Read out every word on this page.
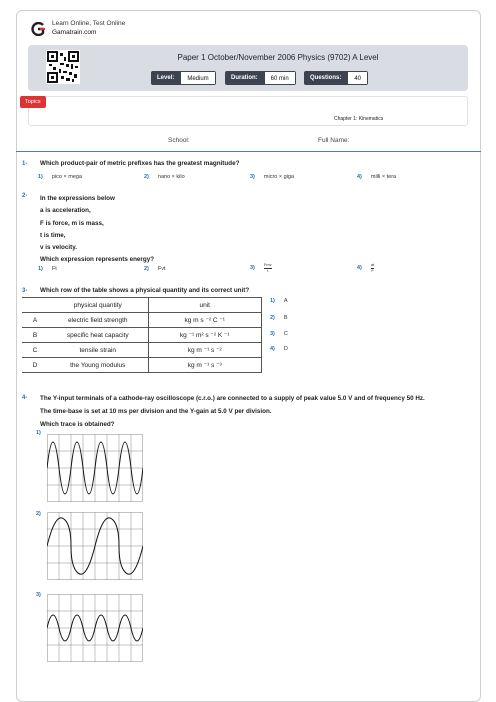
Learn Online, Test Online
Gamatrain.com
Paper 1 October/November 2006 Physics (9702) A Level
Level:	Medium	Duration:	60 min	Questions:	40
Topics
Chapter 1: Kinematics
School:	Full Name:
1- Which product-pair of metric prefixes has the greatest magnitude?
1) pico × mega	2) nano × kilo	3) micro × giga	4) milli × tera
2- In the expressions below
a is acceleration,
F is force, m is mass,
t is time,
v is velocity.
Which expression represents energy?
1) Ft	2) Fvt	3)
Fmv
t	4)
at
F
3- Which row of the table shows a physical quantity and its correct unit?
	physical quantity	unit
A	electric field strength	kg m s ⁻² C ⁻¹
B	specific heat capacity	kg ⁻¹ m² s ⁻² K ⁻¹
C	tensile strain	kg m ⁻¹ s ⁻²
D	the Young modulus	kg m ⁻¹ s ⁻³
1) A
2) B
3) C
4) D
4- The Y-input terminals of a cathode-ray oscilloscope (c.r.o.) are connected to a supply of peak value 5.0 V and of frequency 50 Hz.
The time-base is set at 10 ms per division and the Y-gain at 5.0 V per division.
Which trace is obtained?
1)
2)
3)
